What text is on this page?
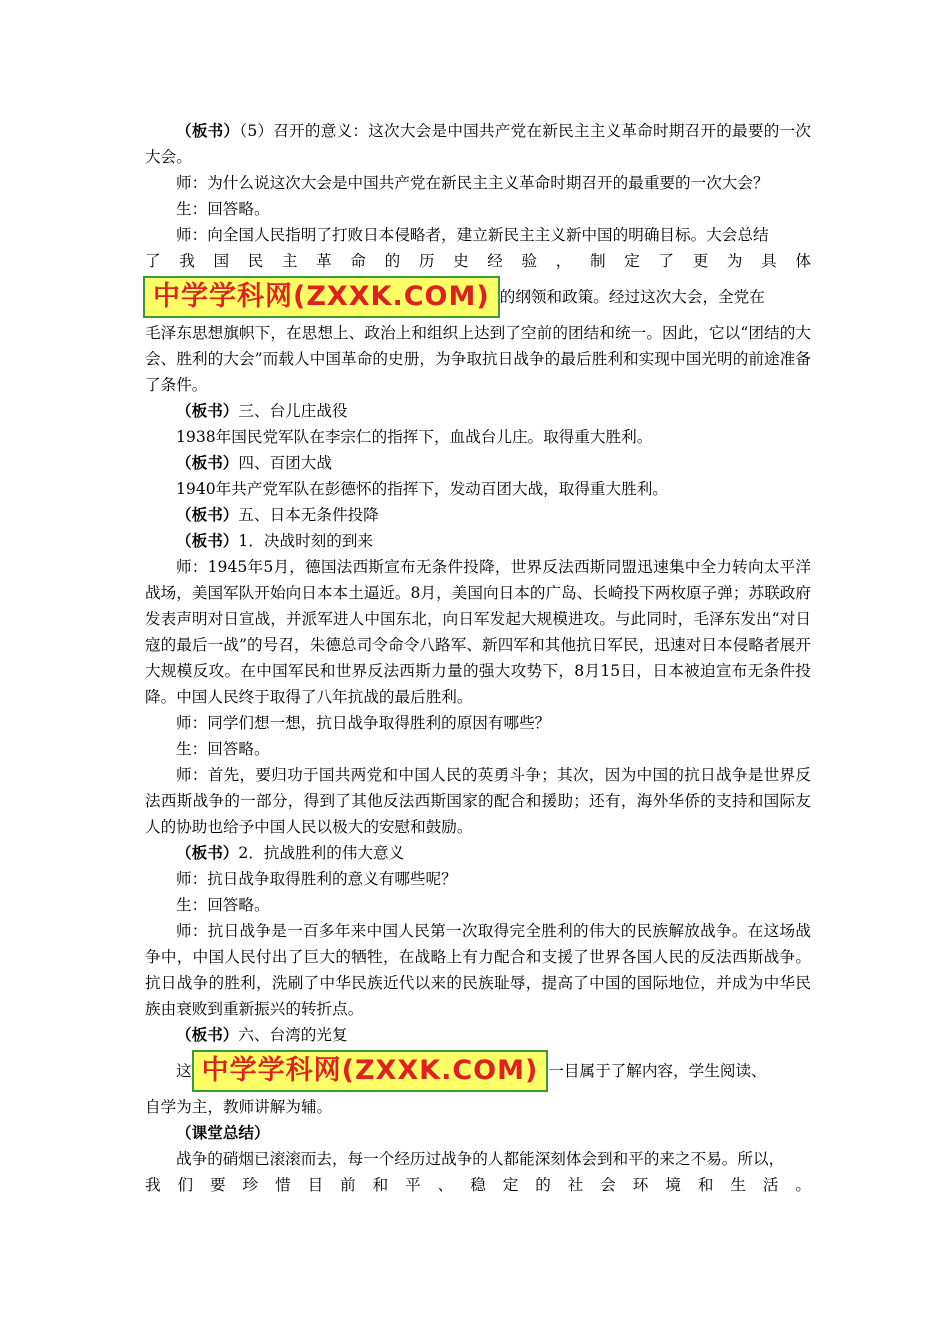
（板书）（5）召开的意义：这次大会是中国共产党在新民主主义革命时期召开的最要的一次大会。

师：为什么说这次大会是中国共产党在新民主主义革命时期召开的最重要的一次大会？

生：回答略。

师：向全国人民指明了打败日本侵略者，建立新民主主义新中国的明确目标。大会总结

了我国民主革命的历史经验，制定了更为具体

中学学科网(ZXXK.COM) 的纲领和政策。经过这次大会，全党在

毛泽东思想旗帜下，在思想上、政治上和组织上达到了空前的团结和统一。因此，它以“团结的大会、胜利的大会”而载人中国革命的史册，为争取抗日战争的最后胜利和实现中国光明的前途准备了条件。

（板书）三、台儿庄战役

1938年国民党军队在李宗仁的指挥下，血战台儿庄。取得重大胜利。

（板书）四、百团大战

1940年共产党军队在彭德怀的指挥下，发动百团大战，取得重大胜利。

（板书）五、日本无条件投降

（板书）1．决战时刻的到来

师：1945年5月，德国法西斯宣布无条件投降，世界反法西斯同盟迅速集中全力转向太平洋战场，美国军队开始向日本本土逼近。8月，美国向日本的广岛、长崎投下两枚原子弹；苏联政府发表声明对日宣战，并派军进人中国东北，向日军发起大规模进攻。与此同时，毛泽东发出“对日寇的最后一战”的号召，朱德总司令命令八路军、新四军和其他抗日军民，迅速对日本侵略者展开大规模反攻。在中国军民和世界反法西斯力量的强大攻势下，8月15日，日本被迫宣布无条件投降。中国人民终于取得了八年抗战的最后胜利。

师：同学们想一想，抗日战争取得胜利的原因有哪些？

生：回答略。

师：首先，要归功于国共两党和中国人民的英勇斗争；其次，因为中国的抗日战争是世界反法西斯战争的一部分，得到了其他反法西斯国家的配合和援助；还有，海外华侨的支持和国际友人的协助也给予中国人民以极大的安慰和鼓励。

（板书）2．抗战胜利的伟大意义

师：抗日战争取得胜利的意义有哪些呢？

生：回答略。

师：抗日战争是一百多年来中国人民第一次取得完全胜利的伟大的民族解放战争。在这场战争中，中国人民付出了巨大的牺牲，在战略上有力配合和支援了世界各国人民的反法西斯战争。抗日战争的胜利，洗刷了中华民族近代以来的民族耻辱，提高了中国的国际地位，并成为中华民族由衰败到重新振兴的转折点。

（板书）六、台湾的光复

这 中学学科网(ZXXK.COM) 一目属于了解内容，学生阅读、

自学为主，教师讲解为辅。

（课堂总结）

战争的硝烟已滚滚而去，每一个经历过战争的人都能深刻体会到和平的来之不易。所以，

我们要珍惜目前和平、稳定的社会环境和生活。
